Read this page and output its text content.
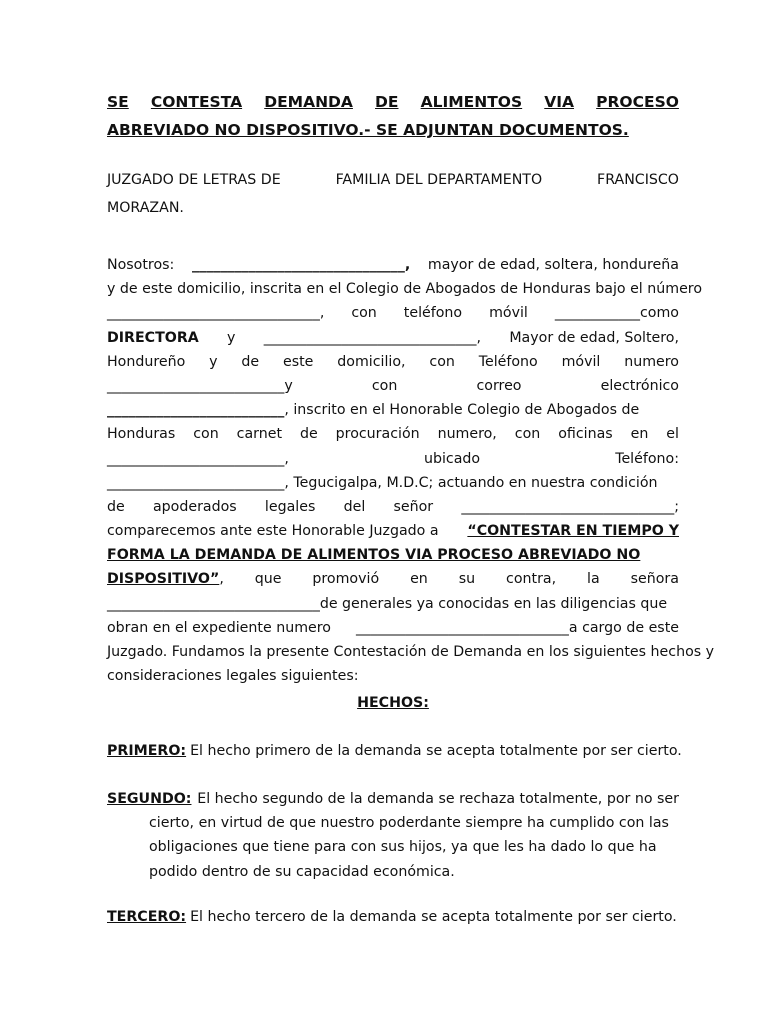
SE CONTESTA DEMANDA DE ALIMENTOS VIA PROCESO
ABREVIADO NO DISPOSITIVO.- SE ADJUNTAN DOCUMENTOS.
JUZGADO DE LETRAS DE	FAMILIA DEL DEPARTAMENTO	FRANCISCO
MORAZAN.
Nosotros: ______________________________, mayor de edad, soltera, hondureña
y de este domicilio, inscrita en el Colegio de Abogados de Honduras bajo el número
______________________________, con teléfono móvil ____________como
DIRECTORA y ______________________________, Mayor de edad, Soltero,
Hondureño y de este domicilio, con Teléfono móvil numero
_________________________y	con	correo	electrónico
_________________________, inscrito en el Honorable Colegio de Abogados de
Honduras con carnet de procuración numero, con oficinas en el
_________________________,	ubicado	Teléfono:
_________________________, Tegucigalpa, M.D.C; actuando en nuestra condición
de apoderados legales del señor ______________________________;
comparecemos ante este Honorable Juzgado a “CONTESTAR EN TIEMPO Y
FORMA LA DEMANDA DE ALIMENTOS VIA PROCESO ABREVIADO NO
DISPOSITIVO”, que promovió en su contra, la señora
______________________________de generales ya conocidas en las diligencias que
obran en el expediente numero ______________________________a cargo de este
Juzgado. Fundamos la presente Contestación de Demanda en los siguientes hechos y
consideraciones legales siguientes:
HECHOS:
PRIMERO: El hecho primero de la demanda se acepta totalmente por ser cierto.
SEGUNDO: El hecho segundo de la demanda se rechaza totalmente, por no ser
cierto, en virtud de que nuestro poderdante siempre ha cumplido con las
obligaciones que tiene para con sus hijos, ya que les ha dado lo que ha
podido dentro de su capacidad económica.
TERCERO: El hecho tercero de la demanda se acepta totalmente por ser cierto.
